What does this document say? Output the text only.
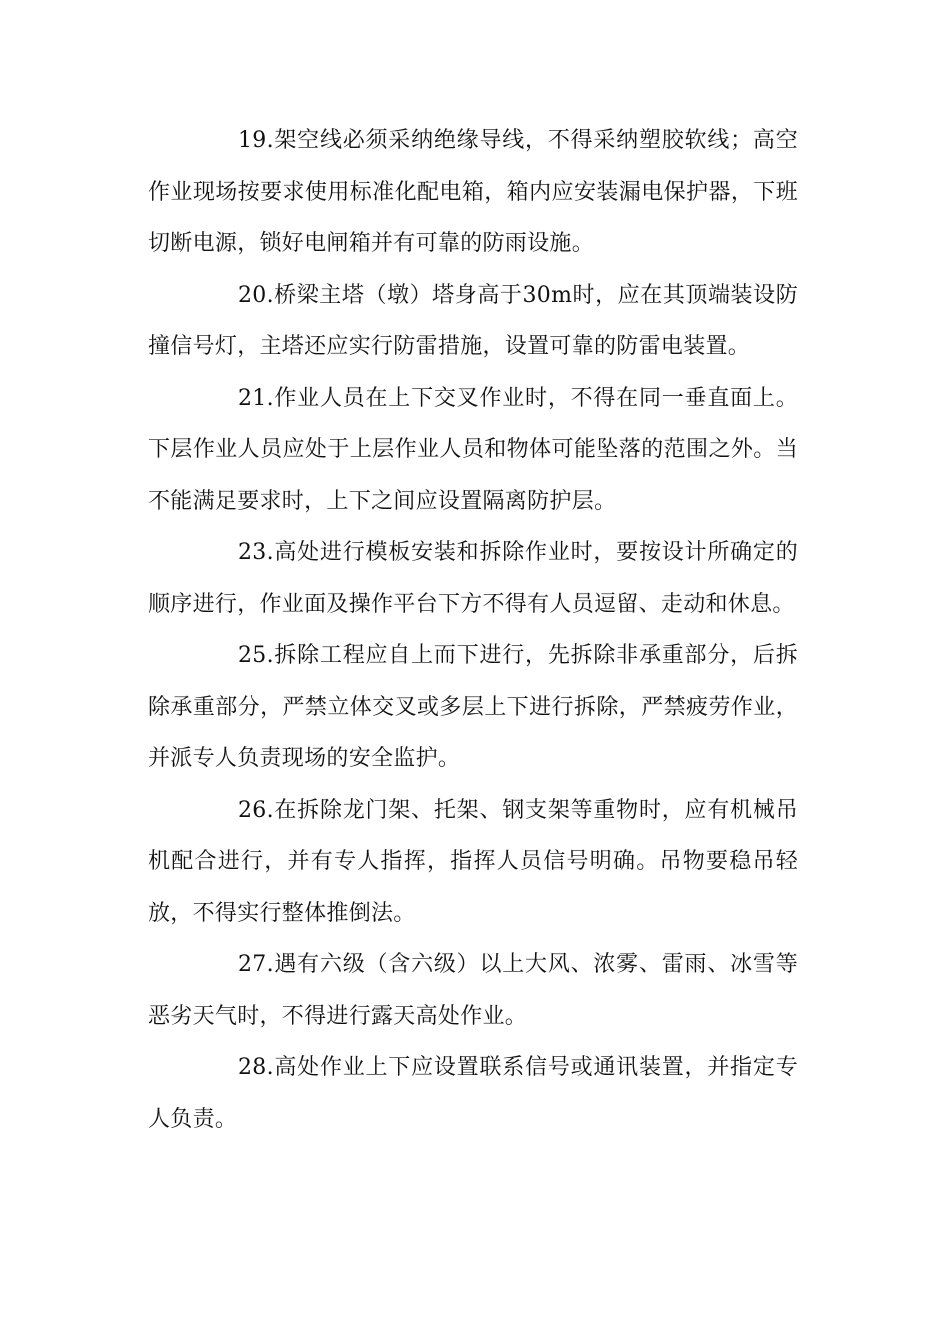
19.架空线必须采纳绝缘导线，不得采纳塑胶软线；高空作业现场按要求使用标准化配电箱，箱内应安装漏电保护器，下班切断电源，锁好电闸箱并有可靠的防雨设施。

20.桥梁主塔（墩）塔身高于30m时，应在其顶端装设防撞信号灯，主塔还应实行防雷措施，设置可靠的防雷电装置。

21.作业人员在上下交叉作业时，不得在同一垂直面上。下层作业人员应处于上层作业人员和物体可能坠落的范围之外。当不能满足要求时，上下之间应设置隔离防护层。

23.高处进行模板安装和拆除作业时，要按设计所确定的顺序进行，作业面及操作平台下方不得有人员逗留、走动和休息。

25.拆除工程应自上而下进行，先拆除非承重部分，后拆除承重部分，严禁立体交叉或多层上下进行拆除，严禁疲劳作业，并派专人负责现场的安全监护。

26.在拆除龙门架、托架、钢支架等重物时，应有机械吊机配合进行，并有专人指挥，指挥人员信号明确。吊物要稳吊轻放，不得实行整体推倒法。

27.遇有六级（含六级）以上大风、浓雾、雷雨、冰雪等恶劣天气时，不得进行露天高处作业。

28.高处作业上下应设置联系信号或通讯装置，并指定专人负责。
